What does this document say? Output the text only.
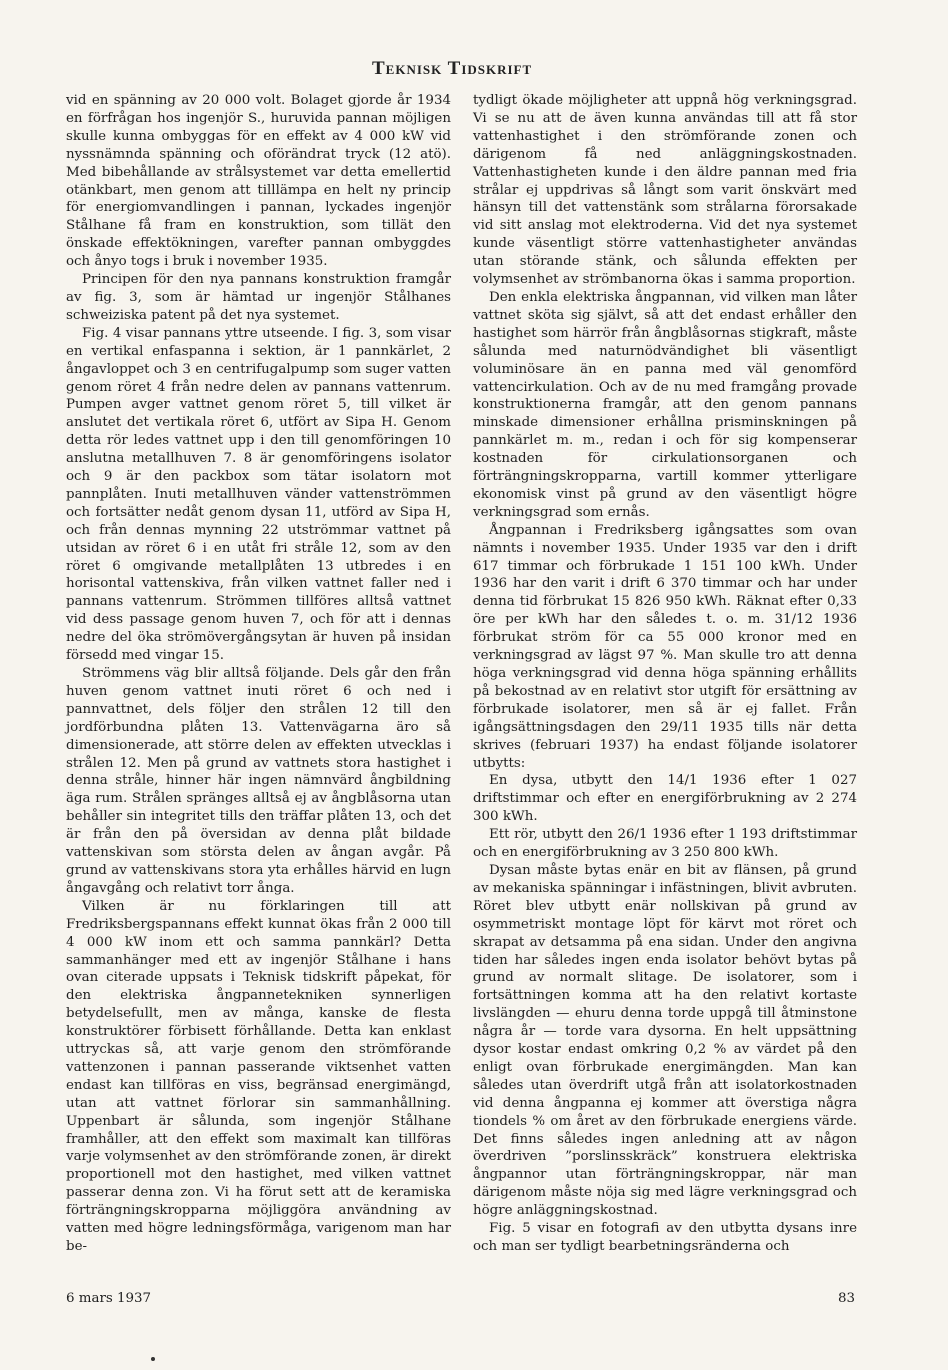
Teknisk Tidskrift

vid en spänning av 20 000 volt. Bolaget gjorde år 1934 en förfrågan hos ingenjör S., huruvida pannan möjligen skulle kunna ombyggas för en effekt av 4 000 kW vid nyssnämnda spänning och oförändrat tryck (12 atö). Med bibehållande av strålsystemet var detta emellertid otänkbart, men genom att tilllämpa en helt ny princip för energiomvandlingen i pannan, lyckades ingenjör Stålhane få fram en konstruktion, som tillät den önskade effektökningen, varefter pannan ombyggdes och ånyo togs i bruk i november 1935.

Principen för den nya pannans konstruktion framgår av fig. 3, som är hämtad ur ingenjör Stålhanes schweiziska patent på det nya systemet.

Fig. 4 visar pannans yttre utseende. I fig. 3, som visar en vertikal enfaspanna i sektion, är 1 pannkärlet, 2 ångavloppet och 3 en centrifugalpump som suger vatten genom röret 4 från nedre delen av pannans vattenrum. Pumpen avger vattnet genom röret 5, till vilket är anslutet det vertikala röret 6, utfört av Sipa H. Genom detta rör ledes vattnet upp i den till genomföringen 10 anslutna metallhuven 7. 8 är genomföringens isolator och 9 är den packbox som tätar isolatorn mot pannplåten. Inuti metallhuven vänder vattenströmmen och fortsätter nedåt genom dysan 11, utförd av Sipa H, och från dennas mynning 22 utströmmar vattnet på utsidan av röret 6 i en utåt fri stråle 12, som av den röret 6 omgivande metallplåten 13 utbredes i en horisontal vattenskiva, från vilken vattnet faller ned i pannans vattenrum. Strömmen tillföres alltså vattnet vid dess passage genom huven 7, och för att i dennas nedre del öka strömövergångsytan är huven på insidan försedd med vingar 15.

Strömmens väg blir alltså följande. Dels går den från huven genom vattnet inuti röret 6 och ned i pannvattnet, dels följer den strålen 12 till den jordförbundna plåten 13. Vattenvägarna äro så dimensionerade, att större delen av effekten utvecklas i strålen 12. Men på grund av vattnets stora hastighet i denna stråle, hinner här ingen nämnvärd ångbildning äga rum. Strålen spränges alltså ej av ångblåsorna utan behåller sin integritet tills den träffar plåten 13, och det är från den på översidan av denna plåt bildade vattenskivan som största delen av ångan avgår. På grund av vattenskivans stora yta erhålles härvid en lugn ångavgång och relativt torr ånga.

Vilken är nu förklaringen till att Fredriksbergspannans effekt kunnat ökas från 2 000 till 4 000 kW inom ett och samma pannkärl? Detta sammanhänger med ett av ingenjör Stålhane i hans ovan citerade uppsats i Teknisk tidskrift påpekat, för den elektriska ångpannetekniken synnerligen betydelsefullt, men av många, kanske de flesta konstruktörer förbisett förhållande. Detta kan enklast uttryckas så, att varje genom den strömförande vattenzonen i pannan passerande viktsenhet vatten endast kan tillföras en viss, begränsad energimängd, utan att vattnet förlorar sin sammanhållning. Uppenbart är sålunda, som ingenjör Stålhane framhåller, att den effekt som maximalt kan tillföras varje volymsenhet av den strömförande zonen, är direkt proportionell mot den hastighet, med vilken vattnet passerar denna zon. Vi ha förut sett att de keramiska förträngningskropparna möjliggöra användning av vatten med högre ledningsförmåga, varigenom man har be-

tydligt ökade möjligheter att uppnå hög verkningsgrad. Vi se nu att de även kunna användas till att få stor vattenhastighet i den strömförande zonen och därigenom få ned anläggningskostnaden. Vattenhastigheten kunde i den äldre pannan med fria strålar ej uppdrivas så långt som varit önskvärt med hänsyn till det vattenstänk som strålarna förorsakade vid sitt anslag mot elektroderna. Vid det nya systemet kunde väsentligt större vattenhastigheter användas utan störande stänk, och sålunda effekten per volymsenhet av strömbanorna ökas i samma proportion.

Den enkla elektriska ångpannan, vid vilken man låter vattnet sköta sig självt, så att det endast erhåller den hastighet som härrör från ångblåsornas stigkraft, måste sålunda med naturnödvändighet bli väsentligt voluminösare än en panna med väl genomförd vattencirkulation. Och av de nu med framgång provade konstruktionerna framgår, att den genom pannans minskade dimensioner erhållna prisminskningen på pannkärlet m. m., redan i och för sig kompenserar kostnaden för cirkulationsorganen och förträngningskropparna, vartill kommer ytterligare ekonomisk vinst på grund av den väsentligt högre verkningsgrad som ernås.

Ångpannan i Fredriksberg igångsattes som ovan nämnts i november 1935. Under 1935 var den i drift 617 timmar och förbrukade 1 151 100 kWh. Under 1936 har den varit i drift 6 370 timmar och har under denna tid förbrukat 15 826 950 kWh. Räknat efter 0,33 öre per kWh har den således t. o. m. 31/12 1936 förbrukat ström för ca 55 000 kronor med en verkningsgrad av lägst 97 %. Man skulle tro att denna höga verkningsgrad vid denna höga spänning erhållits på bekostnad av en relativt stor utgift för ersättning av förbrukade isolatorer, men så är ej fallet. Från igångsättningsdagen den 29/11 1935 tills när detta skrives (februari 1937) ha endast följande isolatorer utbytts:

En dysa, utbytt den 14/1 1936 efter 1 027 driftstimmar och efter en energiförbrukning av 2 274 300 kWh.

Ett rör, utbytt den 26/1 1936 efter 1 193 driftstimmar och en energiförbrukning av 3 250 800 kWh.

Dysan måste bytas enär en bit av flänsen, på grund av mekaniska spänningar i infästningen, blivit avbruten. Röret blev utbytt enär nollskivan på grund av osymmetriskt montage löpt för kärvt mot röret och skrapat av detsamma på ena sidan. Under den angivna tiden har således ingen enda isolator behövt bytas på grund av normalt slitage. De isolatorer, som i fortsättningen komma att ha den relativt kortaste livslängden — ehuru denna torde uppgå till åtminstone några år — torde vara dysorna. En helt uppsättning dysor kostar endast omkring 0,2 % av värdet på den enligt ovan förbrukade energimängden. Man kan således utan överdrift utgå från att isolatorkostnaden vid denna ångpanna ej kommer att överstiga några tiondels % om året av den förbrukade energiens värde. Det finns således ingen anledning att av någon överdriven ”porslinsskräck” konstruera elektriska ångpannor utan förträngningskroppar, när man därigenom måste nöja sig med lägre verkningsgrad och högre anläggningskostnad.

Fig. 5 visar en fotografi av den utbytta dysans inre och man ser tydligt bearbetningsränderna och

6 mars 1937	83
